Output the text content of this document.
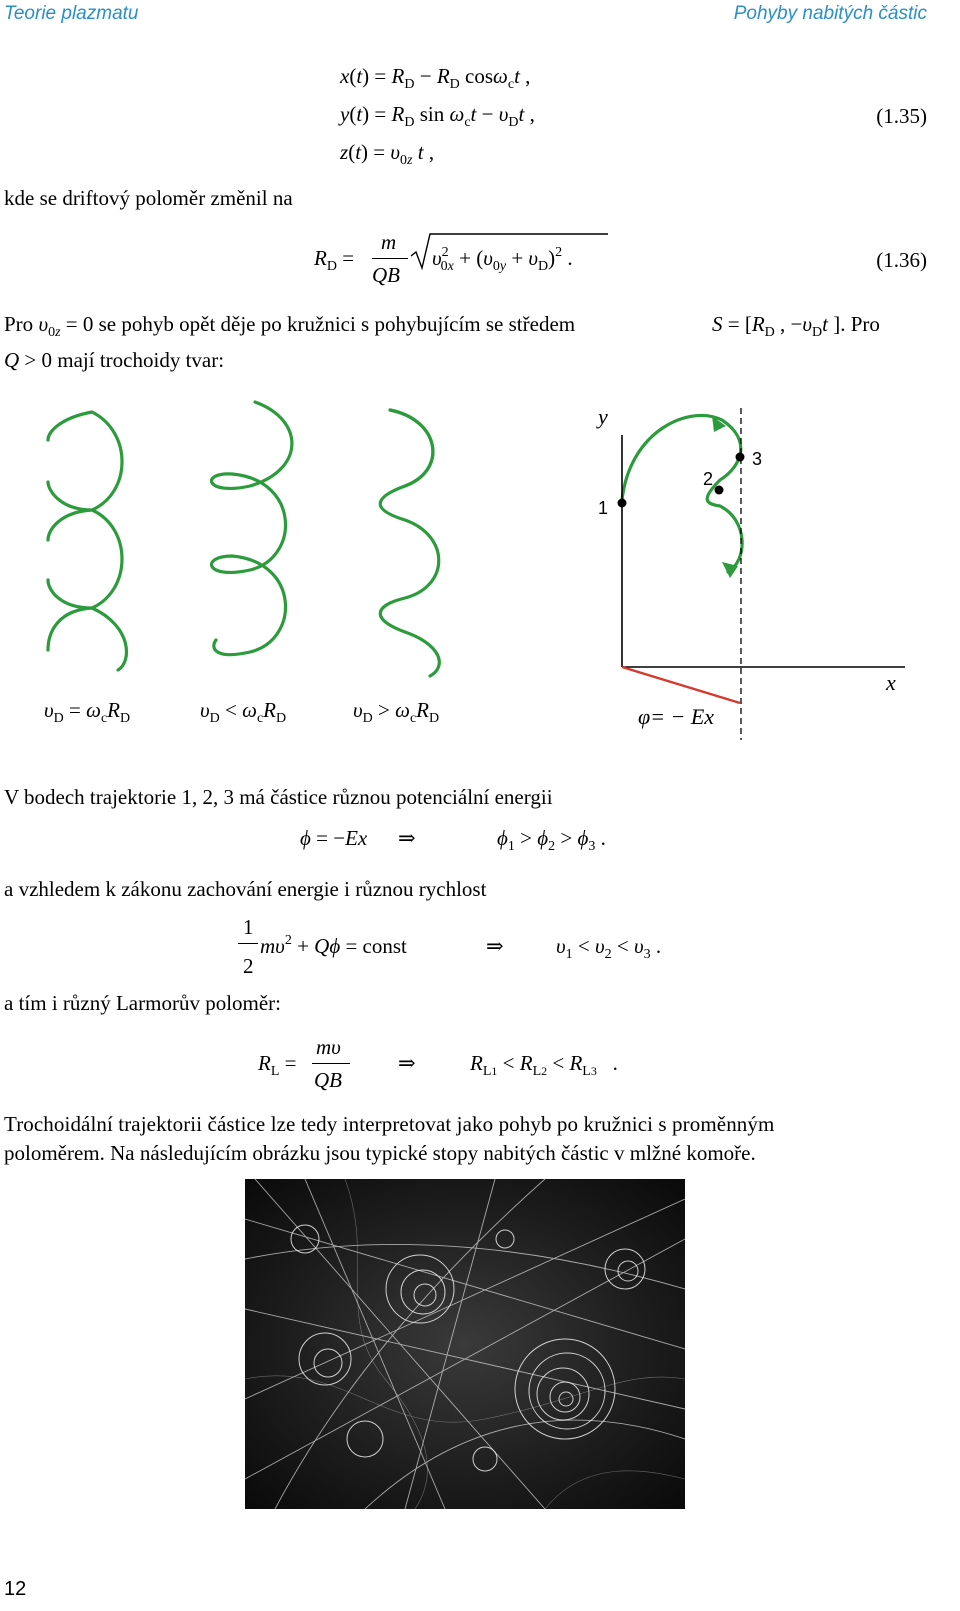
Teorie plazmatu	Pohyby nabitých částic
$x(t) = R_D - R_D$ cosω$_c$t ,
$y(t) = R_D$ $\sin \omega_ct - \upsilon_Dt$ ,
$z(t) = \upsilon_{0z}$ t ,
(1.35)
kde se driftový poloměr změnil na
$R_D$ =
m
QB
$\upsilon^2_{0x} + (\upsilon_{0y} + \upsilon_D)^2$ .	(1.36)
Pro $\upsilon_{0z} = 0$ se pohyb opět děje po kružnici s pohybujícím se středem	$S = [R_D$ , $-\upsilon_Dt$ ]. Pro
Q > 0 mají trochoidy tvar:
1
2
3
y
x
φ= − Ex
$\upsilon_D = \omega_cR_D$	$\upsilon_D < \omega_cR_D$	$\upsilon_D > \omega_cR_D$
V bodech trajektorie 1, 2, 3 má částice různou potenciální energii
ϕ = −Ex ⇒	$\phi_1 > \phi_2 > \phi_3$ .
a vzhledem k zákonu zachování energie i různou rychlost
1
2
$m\upsilon^2 + Q\phi$ = const	⇒ $\upsilon_1 < \upsilon_2 < \upsilon_3$ .
a tím i různý Larmorův poloměr:
$R_L$ =
mυ
QB
⇒	$R_{L1} < R_{L2} < R_{L3}$   .
Trochoidální trajektorii částice lze tedy interpretovat jako pohyb po kružnici s proměnným
poloměrem. Na následujícím obrázku jsou typické stopy nabitých částic v mlžné komoře.
12
